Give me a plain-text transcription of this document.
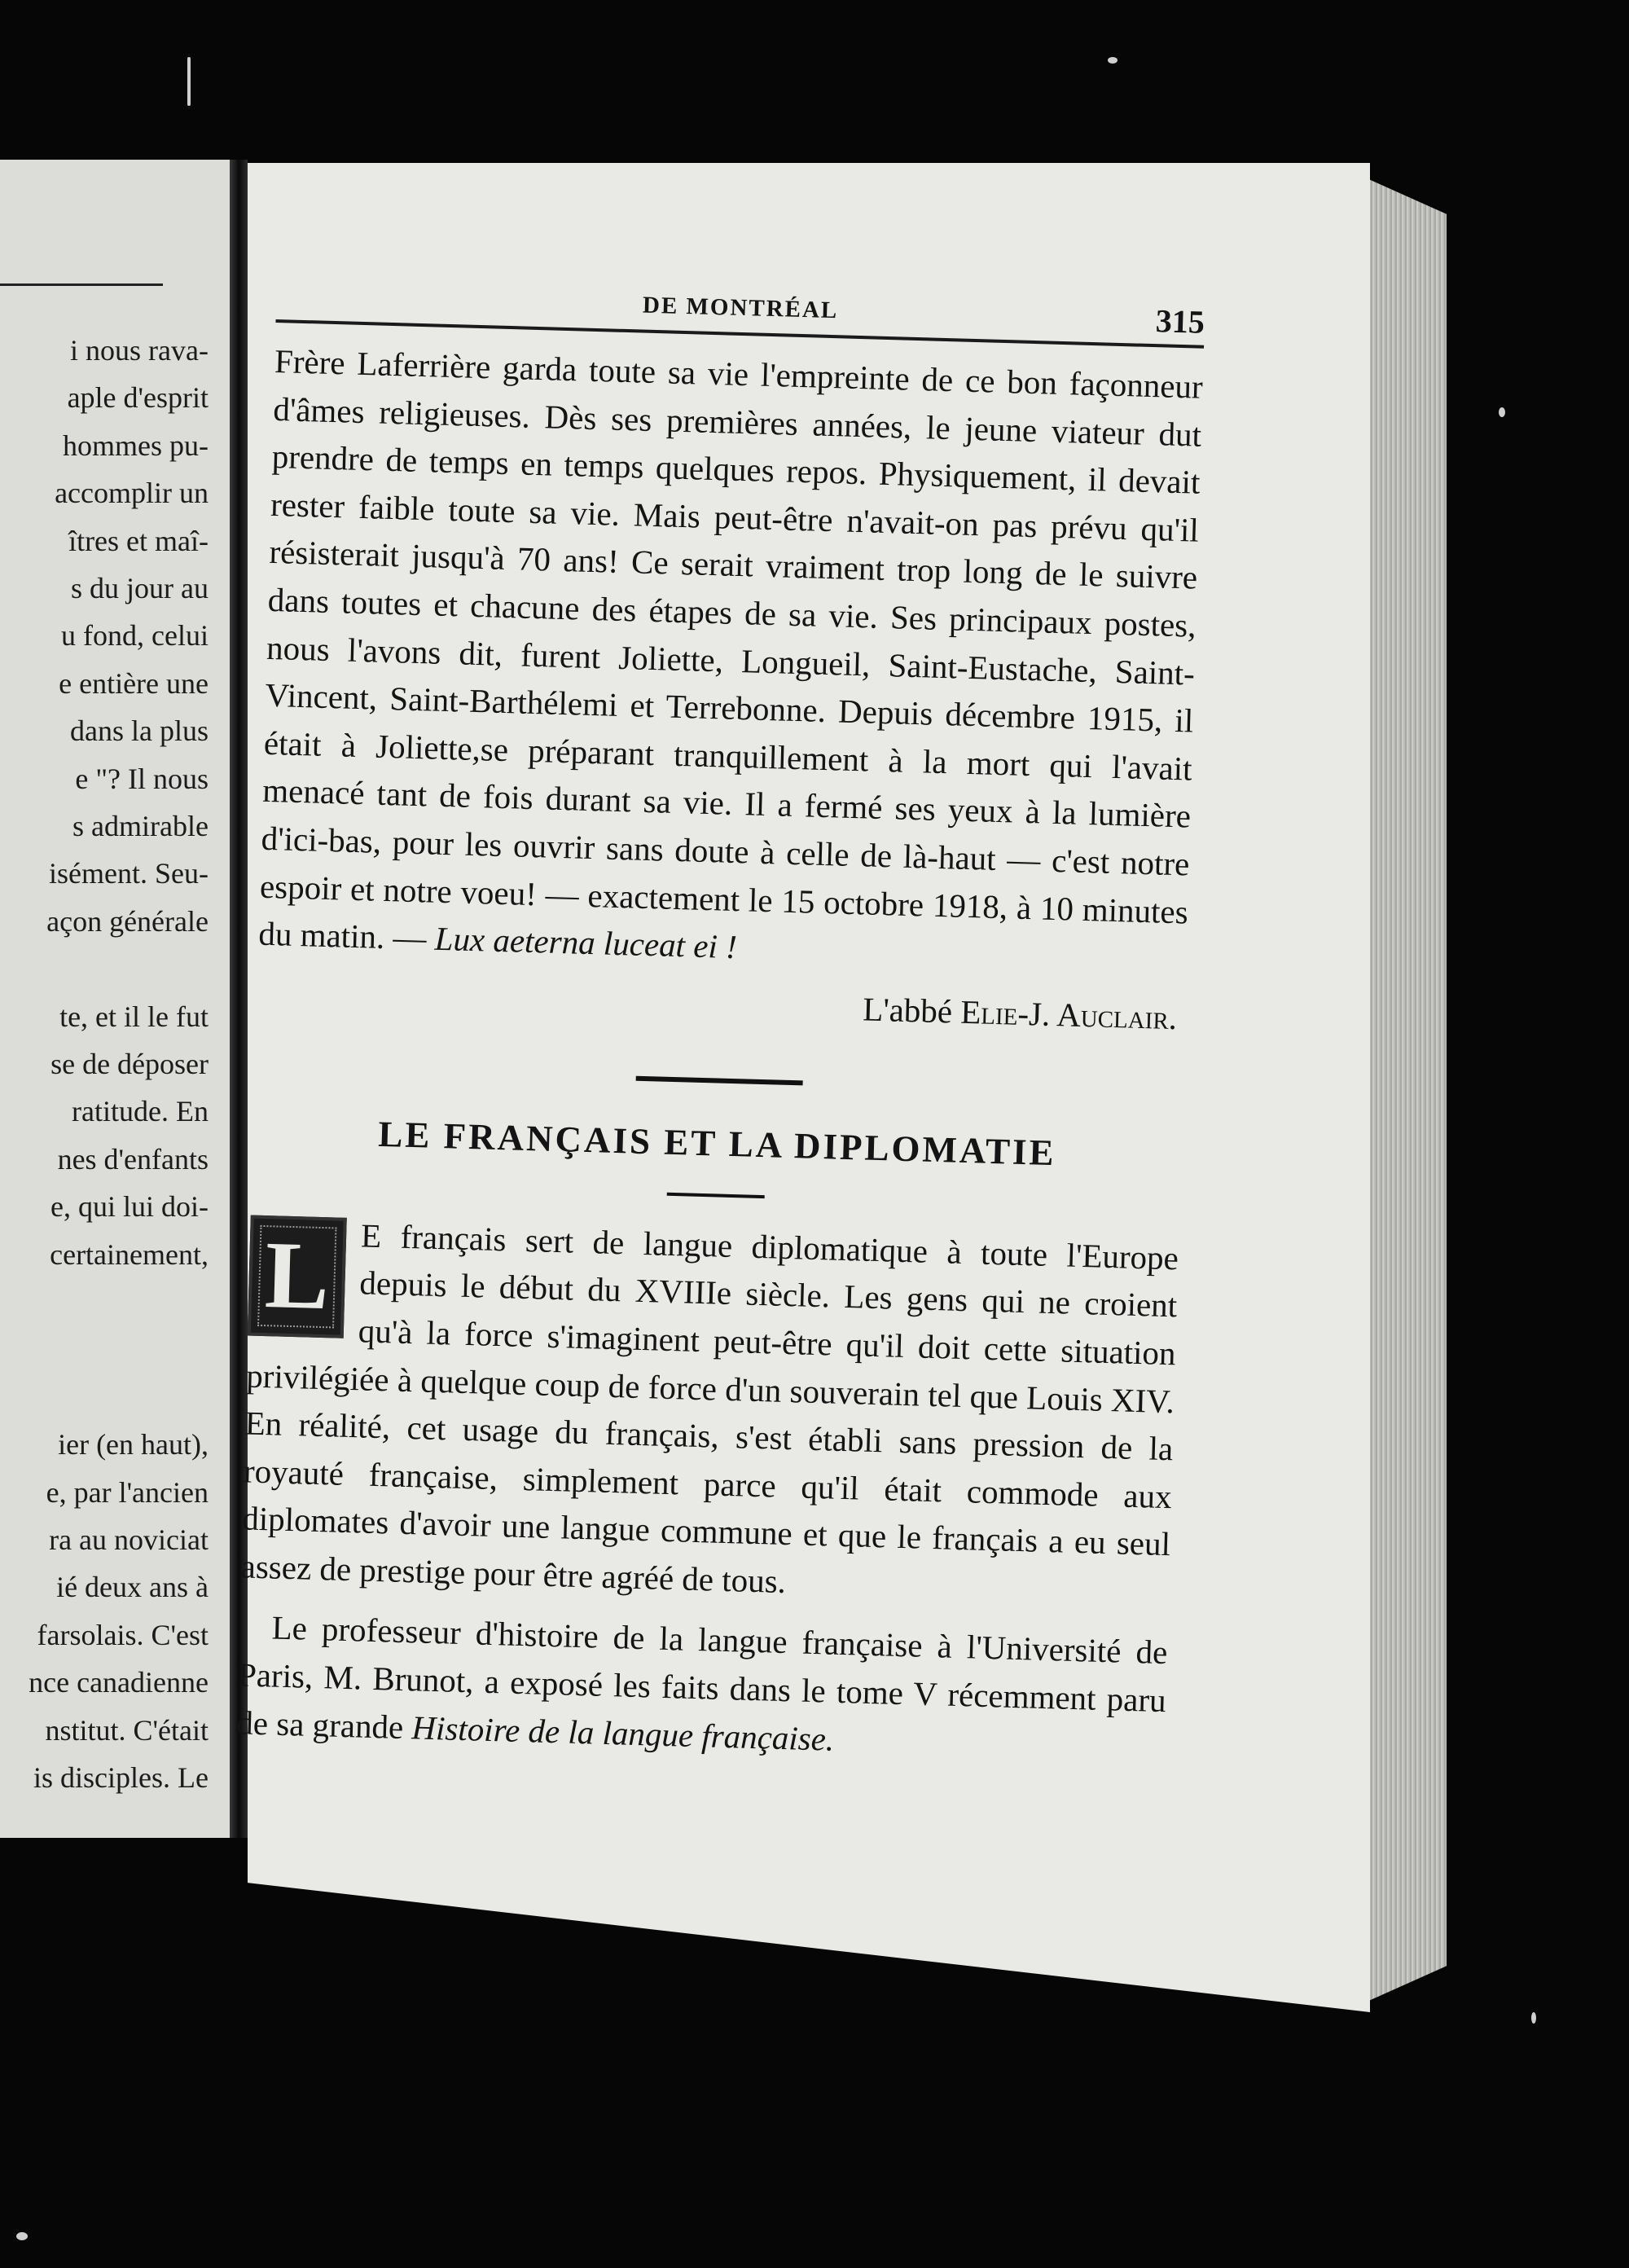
i nous rava-
aple d'esprit
hommes pu-
accomplir un
îtres et maî-
s du jour au
u fond, celui
e entière une
dans la plus
e "? Il nous
s admirable
isément. Seu-
açon générale
te, et il le fut
se de déposer
ratitude. En
nes d'enfants
e, qui lui doi-
certainement,
ier (en haut),
e, par l'ancien
ra au noviciat
ié deux ans à
farsolais. C'est
nce canadienne
nstitut. C'était
is disciples. Le
DE MONTRÉAL	315

Frère Laferrière garda toute sa vie l'empreinte de ce bon façonneur d'âmes religieuses. Dès ses premières années, le jeune viateur dut prendre de temps en temps quelques repos. Physiquement, il devait rester faible toute sa vie. Mais peut-être n'avait-on pas prévu qu'il résisterait jusqu'à 70 ans! Ce serait vraiment trop long de le suivre dans toutes et chacune des étapes de sa vie. Ses principaux postes, nous l'avons dit, furent Joliette, Longueil, Saint-Eustache, Saint-Vincent, Saint-Barthélemi et Terrebonne. Depuis décembre 1915, il était à Joliette,se préparant tranquillement à la mort qui l'avait menacé tant de fois durant sa vie. Il a fermé ses yeux à la lumière d'ici-bas, pour les ouvrir sans doute à celle de là-haut — c'est notre espoir et notre voeu! — exactement le 15 octobre 1918, à 10 minutes du matin. — Lux aeterna luceat ei !

L'abbé Elie-J. Auclair.
LE FRANÇAIS ET LA DIPLOMATIE
L E français sert de langue diplomatique à toute l'Europe depuis le début du XVIIIe siècle. Les gens qui ne croient qu'à la force s'imaginent peut-être qu'il doit cette situation privilégiée à quelque coup de force d'un souverain tel que Louis XIV. En réalité, cet usage du français, s'est établi sans pression de la royauté française, simplement parce qu'il était commode aux diplomates d'avoir une langue commune et que le français a eu seul assez de prestige pour être agréé de tous.

Le professeur d'histoire de la langue française à l'Université de Paris, M. Brunot, a exposé les faits dans le tome V récemment paru de sa grande Histoire de la langue française.
